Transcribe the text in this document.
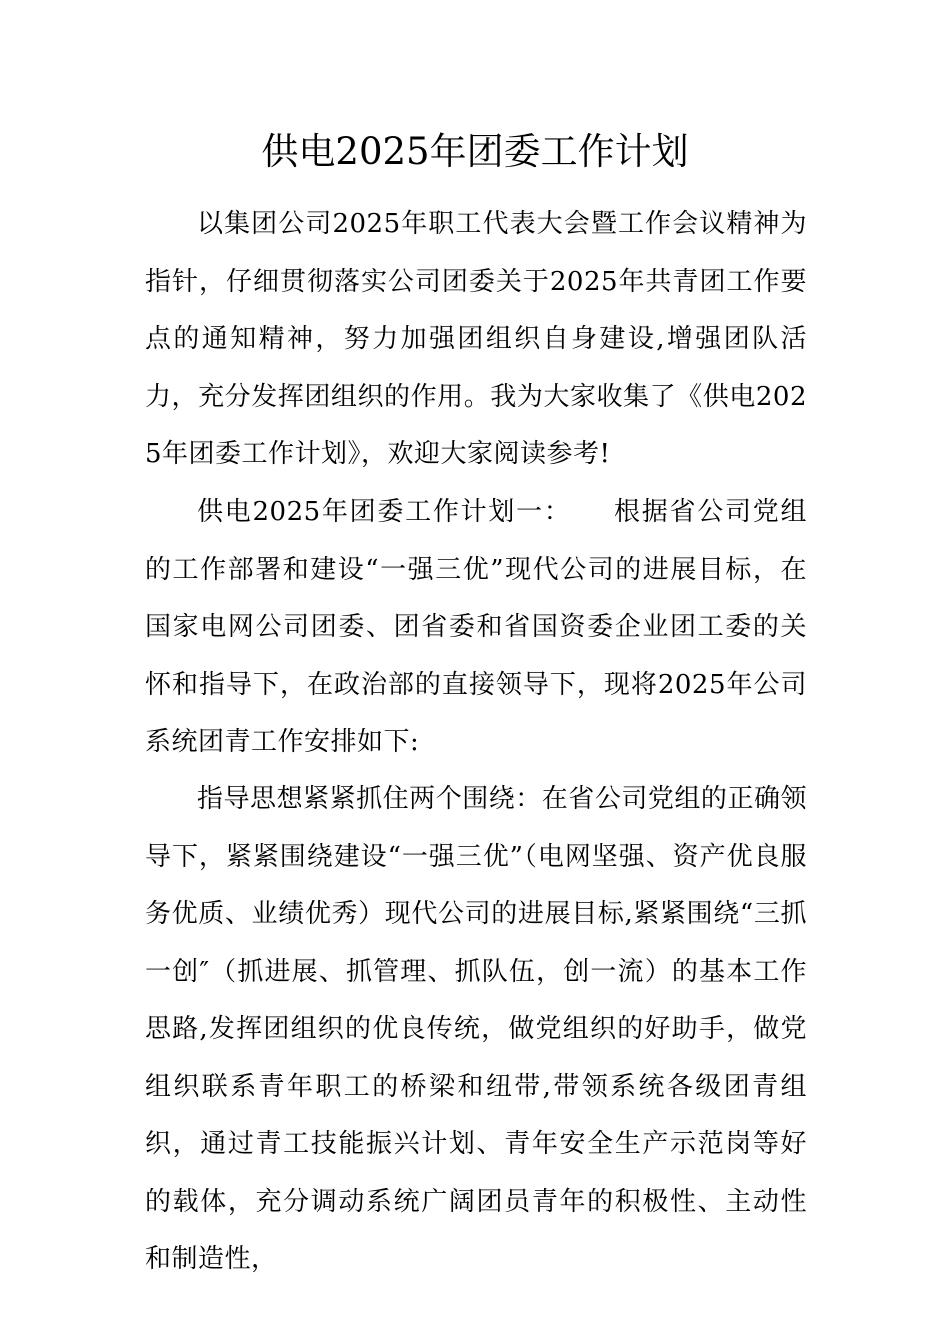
供电2025年团委工作计划

以集团公司2025年职工代表大会暨工作会议精神为指针，仔细贯彻落实公司团委关于2025年共青团工作要点的通知精神，努力加强团组织自身建设,增强团队活力，充分发挥团组织的作用。我为大家收集了《供电2025年团委工作计划》，欢迎大家阅读参考!

供电2025年团委工作计划一：　　根据省公司党组的工作部署和建设“一强三优”现代公司的进展目标，在国家电网公司团委、团省委和省国资委企业团工委的关怀和指导下，在政治部的直接领导下，现将2025年公司系统团青工作安排如下:

指导思想紧紧抓住两个围绕：在省公司党组的正确领导下，紧紧围绕建设“一强三优”（电网坚强、资产优良服务优质、业绩优秀）现代公司的进展目标,紧紧围绕“三抓一创″（抓进展、抓管理、抓队伍，创一流）的基本工作思路,发挥团组织的优良传统，做党组织的好助手，做党组织联系青年职工的桥梁和纽带,带领系统各级团青组织，通过青工技能振兴计划、青年安全生产示范岗等好的载体，充分调动系统广阔团员青年的积极性、主动性和制造性，
